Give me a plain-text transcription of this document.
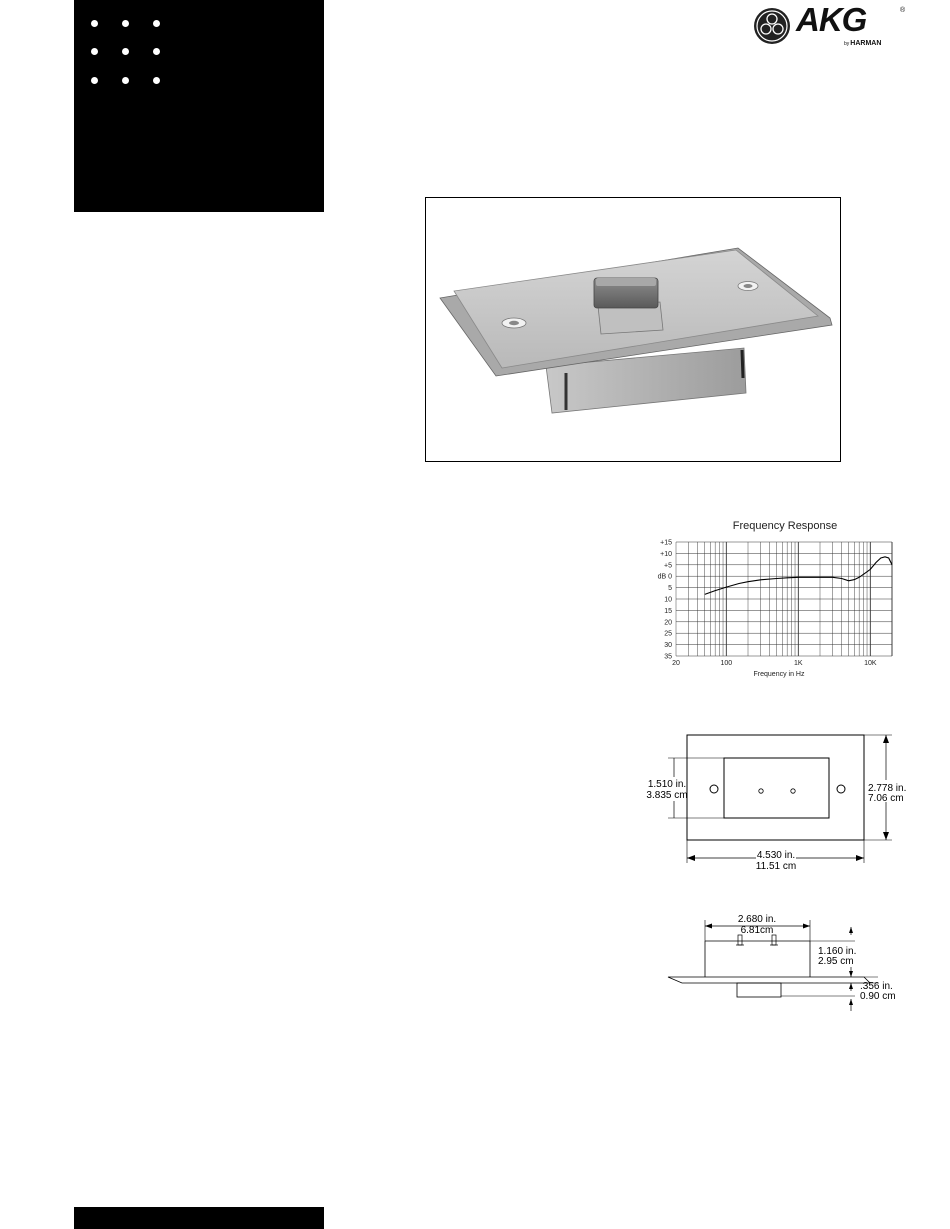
AKG	®
byHARMAN
Frequency Response
+15
+10
+5
dB 0
5
10
15
20
25
30
35
20	100	1K	10K
Frequency in Hz
1.510 in.
3.835 cm
2.778 in.
7.06 cm
4.530 in.
11.51 cm
2.680 in.
6.81cm
1.160 in.
2.95 cm
.356 in.
0.90 cm
